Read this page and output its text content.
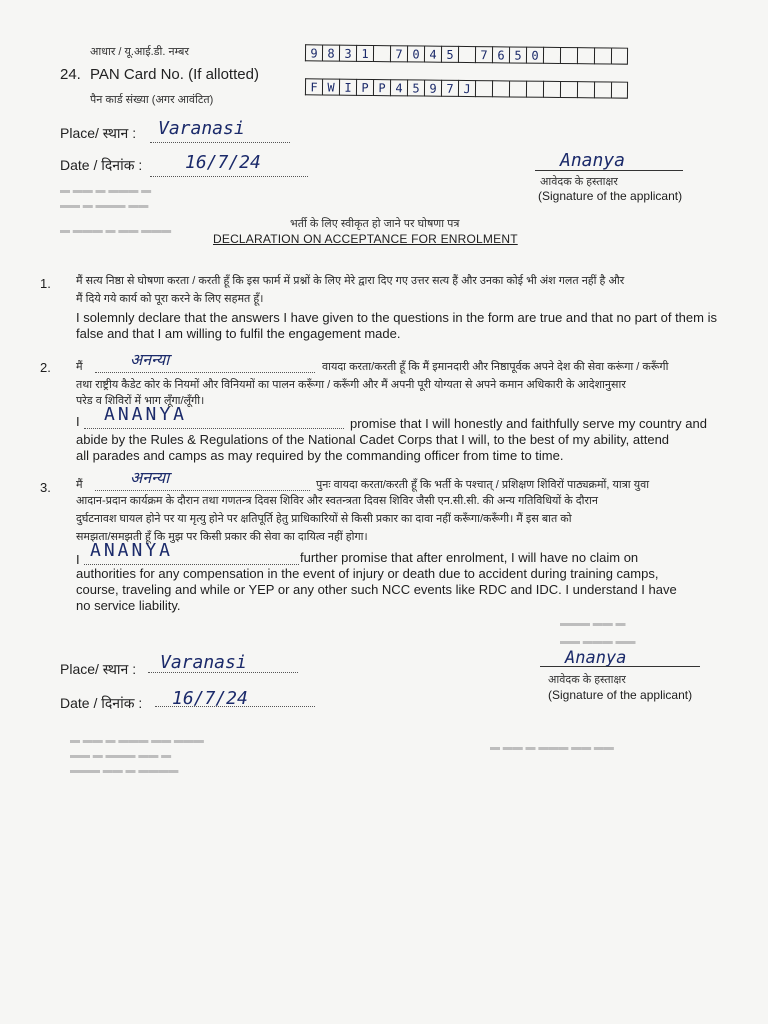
▬ ▬▬ ▬ ▬▬▬ ▬
▬▬ ▬ ▬▬▬ ▬▬
▬ ▬▬▬ ▬ ▬▬ ▬▬▬
आधार / यू.आई.डी. नम्बर	9 8 3 1	7 0 4 5	7 6 5 0
24. PAN Card No. (If allotted)
पैन कार्ड संख्या (अगर आवंटित)
F W I P P 4 5 9 7 J
Place/ स्थान : Varanasi
Date / दिनांक : 16/7/24	Ananya
आवेदक के हस्ताक्षर
(Signature of the applicant)
भर्ती के लिए स्वीकृत हो जाने पर घोषणा पत्र
DECLARATION ON ACCEPTANCE FOR ENROLMENT
1. मैं सत्य निष्ठा से घोषणा करता / करती हूँ कि इस फार्म में प्रश्नों के लिए मेरे द्वारा दिए गए उत्तर सत्य हैं और उनका कोई भी अंश गलत नहीं है और
मैं दिये गये कार्य को पूरा करने के लिए सहमत हूँ।
I solemnly declare that the answers I have given to the questions in the form are true and that no part of them is false and that I am willing to fulfil the engagement made.
2. मैं	अनन्या	वायदा करता/करती हूँ कि मैं इमानदारी और निष्ठापूर्वक अपने देश की सेवा करूंगा / करूँगी
तथा राष्ट्रीय कैडेट कोर के नियमों और विनियमों का पालन करूँगा / करूँगी और मैं अपनी पूरी योग्यता से अपने कमान अधिकारी के आदेशानुसार
परेड व शिविरों में भाग लूँगा/लूँगी।
I ANANYA	promise that I will honestly and faithfully serve my country and
abide by the Rules & Regulations of the National Cadet Corps that I will, to the best of my ability, attend
all parades and camps as may required by the commanding officer from time to time.
3. मैं	अनन्या	पुनः वायदा करता/करती हूँ कि भर्ती के पश्चात् / प्रशिक्षण शिविरों पाठ्यक्रमों, यात्रा युवा
आदान-प्रदान कार्यक्रम के दौरान तथा गणतन्त्र दिवस शिविर और स्वतन्त्रता दिवस शिविर जैसी एन.सी.सी. की अन्य गतिविधियों के दौरान
दुर्घटनावश घायल होने पर या मृत्यु होने पर क्षतिपूर्ति हेतु प्राधिकारियों से किसी प्रकार का दावा नहीं करूँगा/करूँगी। मैं इस बात को
समझता/समझती हूँ कि मुझ पर किसी प्रकार की सेवा का दायित्व नहीं होगा।
I ANANYA	further promise that after enrolment, I will have no claim on
authorities for any compensation in the event of injury or death due to accident during training camps,
course, traveling and while or YEP or any other such NCC events like RDC and IDC. I understand I have
no service liability.
▬▬▬ ▬▬ ▬
▬▬ ▬▬▬ ▬▬
Place/ स्थान : Varanasi
Date / दिनांक : 16/7/24
Ananya
आवेदक के हस्ताक्षर
(Signature of the applicant)
▬ ▬▬ ▬ ▬▬▬ ▬▬ ▬▬▬
▬▬ ▬ ▬▬▬ ▬▬ ▬
▬▬▬ ▬▬ ▬ ▬▬▬▬
▬ ▬▬ ▬ ▬▬▬ ▬▬ ▬▬
